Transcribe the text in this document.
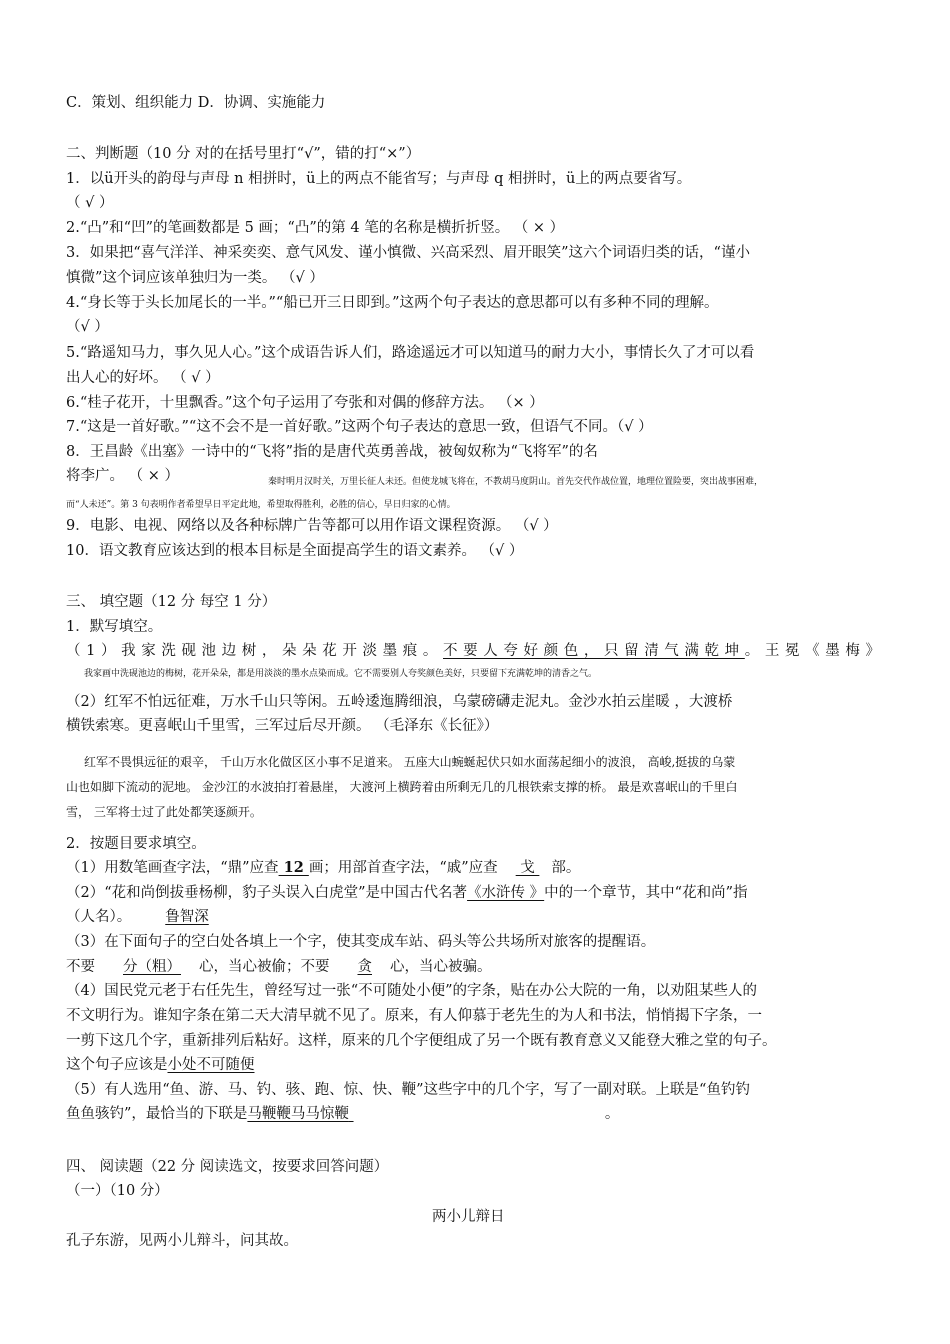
C．策划、组织能力 D．协调、实施能力
二、判断题（10 分 对的在括号里打“√”，错的打“×”）
1．以ü开头的韵母与声母 n 相拼时，ü上的两点不能省写；与声母 q 相拼时，ü上的两点要省写。
（ √ ）
2.“凸”和“凹”的笔画数都是 5 画；“凸”的第 4 笔的名称是横折折竖。 （ × ）
3．如果把“喜气洋洋、神采奕奕、意气风发、谨小慎微、兴高采烈、眉开眼笑”这六个词语归类的话，“谨小
慎微”这个词应该单独归为一类。 （√ ）
4.“身长等于头长加尾长的一半。”“船已开三日即到。”这两个句子表达的意思都可以有多种不同的理解。
（√ ）
5.“路遥知马力，事久见人心。”这个成语告诉人们，路途遥远才可以知道马的耐力大小，事情长久了才可以看
出人心的好坏。 （ √ ）
6.“桂子花开，十里飘香。”这个句子运用了夸张和对偶的修辞方法。 （× ）
7.“这是一首好歌。”“这不会不是一首好歌。”这两个句子表达的意思一致，但语气不同。（√ ）
8．王昌龄《出塞》一诗中的“飞将”指的是唐代英勇善战，被匈奴称为“飞将军”的名
将李广。 （ × ）	秦时明月汉时关，万里长征人未还。但使龙城飞将在，不教胡马度阴山。首先交代作战位置，地理位置险要，突出战事困难，
而“人未还”。第 3 句表明作者希望早日平定此地，希望取得胜利，必胜的信心，早日归家的心情。
9．电影、电视、网络以及各种标牌广告等都可以用作语文课程资源。 （√ ）
10．语文教育应该达到的根本目标是全面提高学生的语文素养。 （√ ）
三、 填空题（12 分 每空 1 分）
1．默写填空。
（1）我家洗砚池边树，朵朵花开淡墨痕。不要人夸好颜色，只留清气满乾坤。王冕《墨梅》
我家画中洗砚池边的梅树，花开朵朵，都是用淡淡的墨水点染而成。它不需要别人夸奖颜色美好，只要留下充满乾坤的清香之气。
（2）红军不怕远征难，万水千山只等闲。五岭逶迤腾细浪，乌蒙磅礴走泥丸。金沙水拍云崖暖 ，大渡桥
横铁索寒。更喜岷山千里雪，三军过后尽开颜。 （毛泽东《长征》）
红军不畏惧远征的艰辛， 千山万水化做区区小事不足道来。 五座大山蜿蜒起伏只如水面荡起细小的波浪， 高峻,挺拔的乌蒙
山也如脚下流动的泥地。 金沙江的水波拍打着悬崖， 大渡河上横跨着由所剩无几的几根铁索支撑的桥。 最是欢喜岷山的千里白
雪， 三军将士过了此处都笑逐颜开。
2．按题目要求填空。
（1）用数笔画查字法，“鼎”应查 12 画；用部首查字法，“戚”应查 戈 部。
（2）“花和尚倒拔垂杨柳，豹子头误入白虎堂”是中国古代名著《水浒传 》中的一个章节，其中“花和尚”指
（人名）。 鲁智深
（3）在下面句子的空白处各填上一个字，使其变成车站、码头等公共场所对旅客的提醒语。
不要 分（粗） 心，当心被偷；不要 贪 心，当心被骗。
（4）国民党元老于右任先生，曾经写过一张“不可随处小便”的字条，贴在办公大院的一角，以劝阻某些人的
不文明行为。谁知字条在第二天大清早就不见了。原来，有人仰慕于老先生的为人和书法，悄悄揭下字条，一
一剪下这几个字，重新排列后粘好。这样，原来的几个字便组成了另一个既有教育意义又能登大雅之堂的句子。
这个句子应该是小处不可随便
（5）有人选用“鱼、游、马、钓、骇、跑、惊、快、鞭”这些字中的几个字，写了一副对联。上联是“鱼钓钓
鱼鱼骇钓”，最恰当的下联是马鞭鞭马马惊鞭	。
四、 阅读题（22 分 阅读选文，按要求回答问题）
（一）（10 分）
两小儿辩日
孔子东游，见两小儿辩斗，问其故。
